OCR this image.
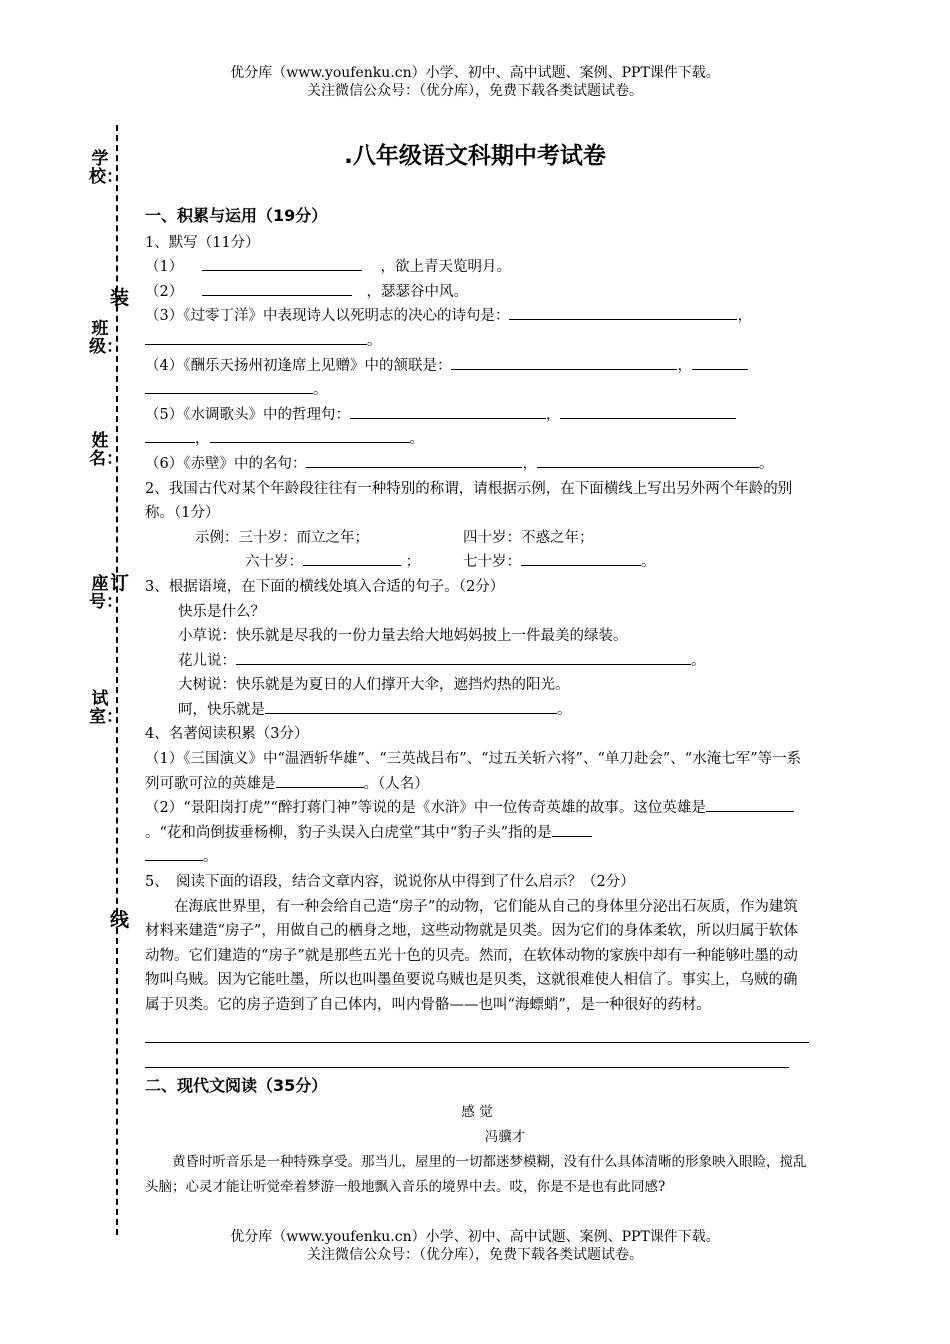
优分库（www.youfenku.cn）小学、初中、高中试题、案例、PPT课件下载。
关注微信公众号：（优分库），免费下载各类试题试卷。
学校：
装
班级：
姓名：
订
座号：
试室：
线
.八年级语文科期中考试卷

一、积累与运用（19分）

1、默写（11分）

（1）	，欲上青天览明月。

（2）	，瑟瑟谷中风。

（3）《过零丁洋》中表现诗人以死明志的决心的诗句是：	，

。

（4）《酬乐天扬州初逢席上见赠》中的颔联是：	，

。

（5）《水调歌头》中的哲理句：	，

，	。

（6）《赤壁》中的名句：	，	。

2、我国古代对某个年龄段往往有一种特别的称谓，请根据示例，在下面横线上写出另外两个年龄的别称。（1分）

示例：三十岁：而立之年；	四十岁：不惑之年；

六十岁：	；	七十岁：	。

3、根据语境，在下面的横线处填入合适的句子。（2分）

快乐是什么？

小草说：快乐就是尽我的一份力量去给大地妈妈披上一件最美的绿装。

花儿说：	。

大树说：快乐就是为夏日的人们撑开大伞，遮挡灼热的阳光。

呵，快乐就是	。

4、名著阅读积累（3分）

（1）《三国演义》中“温酒斩华雄”、“三英战吕布”、“过五关斩六将”、“单刀赴会”、“水淹七军”等一系列可歌可泣的英雄是	。（人名）

（2）“景阳岗打虎”“醉打蒋门神”等说的是《水浒》中一位传奇英雄的故事。这位英雄是。“花和尚倒拔垂杨柳，豹子头误入白虎堂”其中“豹子头”指的是

。

5、　阅读下面的语段，结合文章内容，说说你从中得到了什么启示？（2分）

在海底世界里，有一种会给自己造“房子”的动物，它们能从自己的身体里分泌出石灰质，作为建筑材料来建造“房子”，用做自己的栖身之地，这些动物就是贝类。因为它们的身体柔软，所以归属于软体动物。它们建造的“房子”就是那些五光十色的贝壳。然而，在软体动物的家族中却有一种能够吐墨的动物叫乌贼。因为它能吐墨，所以也叫墨鱼要说乌贼也是贝类，这就很难使人相信了。事实上，乌贼的确属于贝类。它的房子造到了自己体内，叫内骨骼——也叫“海螵蛸”，是一种很好的药材。

二、现代文阅读（35分）

感 觉

冯骥才

黄昏时听音乐是一种特殊享受。那当儿，屋里的一切都迷梦模糊，没有什么具体清晰的形象映入眼睑，搅乱头脑；心灵才能让听觉牵着梦游一般地飘入音乐的境界中去。哎，你是不是也有此同感?

优分库（www.youfenku.cn）小学、初中、高中试题、案例、PPT课件下载。
关注微信公众号：（优分库），免费下载各类试题试卷。
